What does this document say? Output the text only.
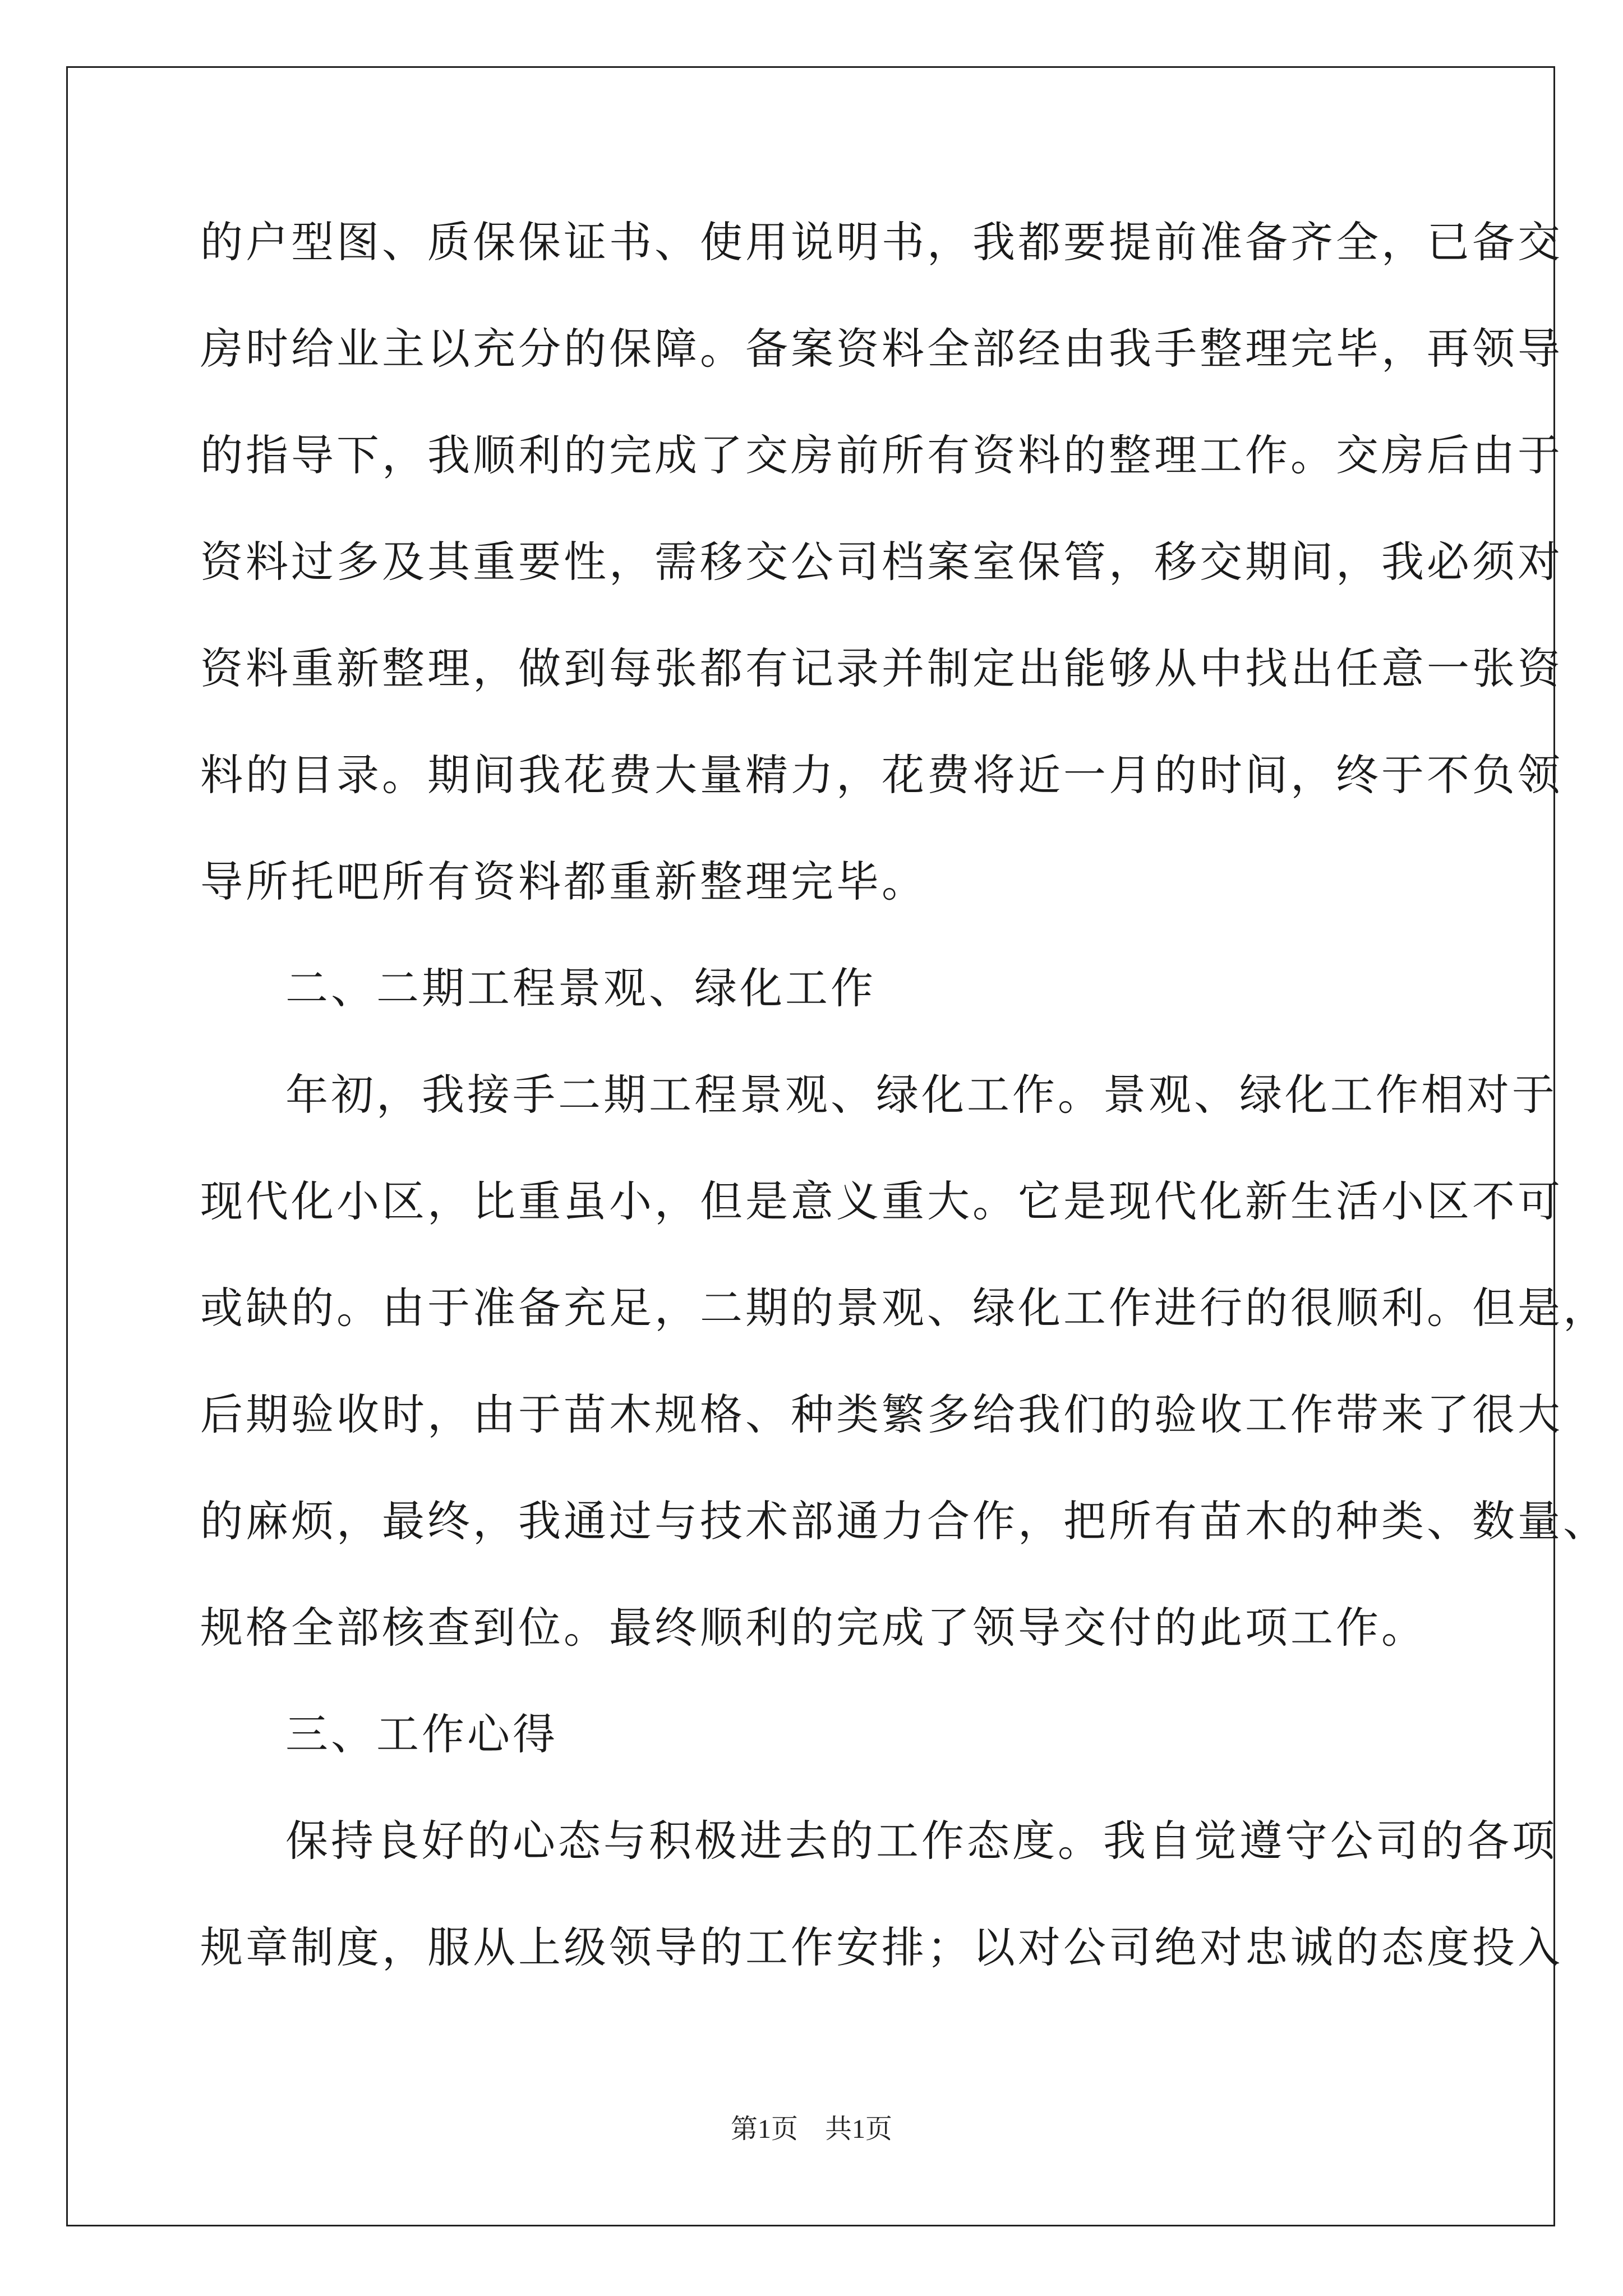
的户型图、质保保证书、使用说明书，我都要提前准备齐全，已备交

房时给业主以充分的保障。备案资料全部经由我手整理完毕，再领导

的指导下，我顺利的完成了交房前所有资料的整理工作。交房后由于

资料过多及其重要性，需移交公司档案室保管，移交期间，我必须对

资料重新整理，做到每张都有记录并制定出能够从中找出任意一张资

料的目录。期间我花费大量精力，花费将近一月的时间，终于不负领

导所托吧所有资料都重新整理完毕。

二、二期工程景观、绿化工作

年初，我接手二期工程景观、绿化工作。景观、绿化工作相对于

现代化小区，比重虽小，但是意义重大。它是现代化新生活小区不可

或缺的。由于准备充足，二期的景观、绿化工作进行的很顺利。但是，

后期验收时，由于苗木规格、种类繁多给我们的验收工作带来了很大

的麻烦，最终，我通过与技术部通力合作，把所有苗木的种类、数量、

规格全部核查到位。最终顺利的完成了领导交付的此项工作。

三、工作心得

保持良好的心态与积极进去的工作态度。我自觉遵守公司的各项

规章制度，服从上级领导的工作安排；以对公司绝对忠诚的态度投入

第1页 共1页
